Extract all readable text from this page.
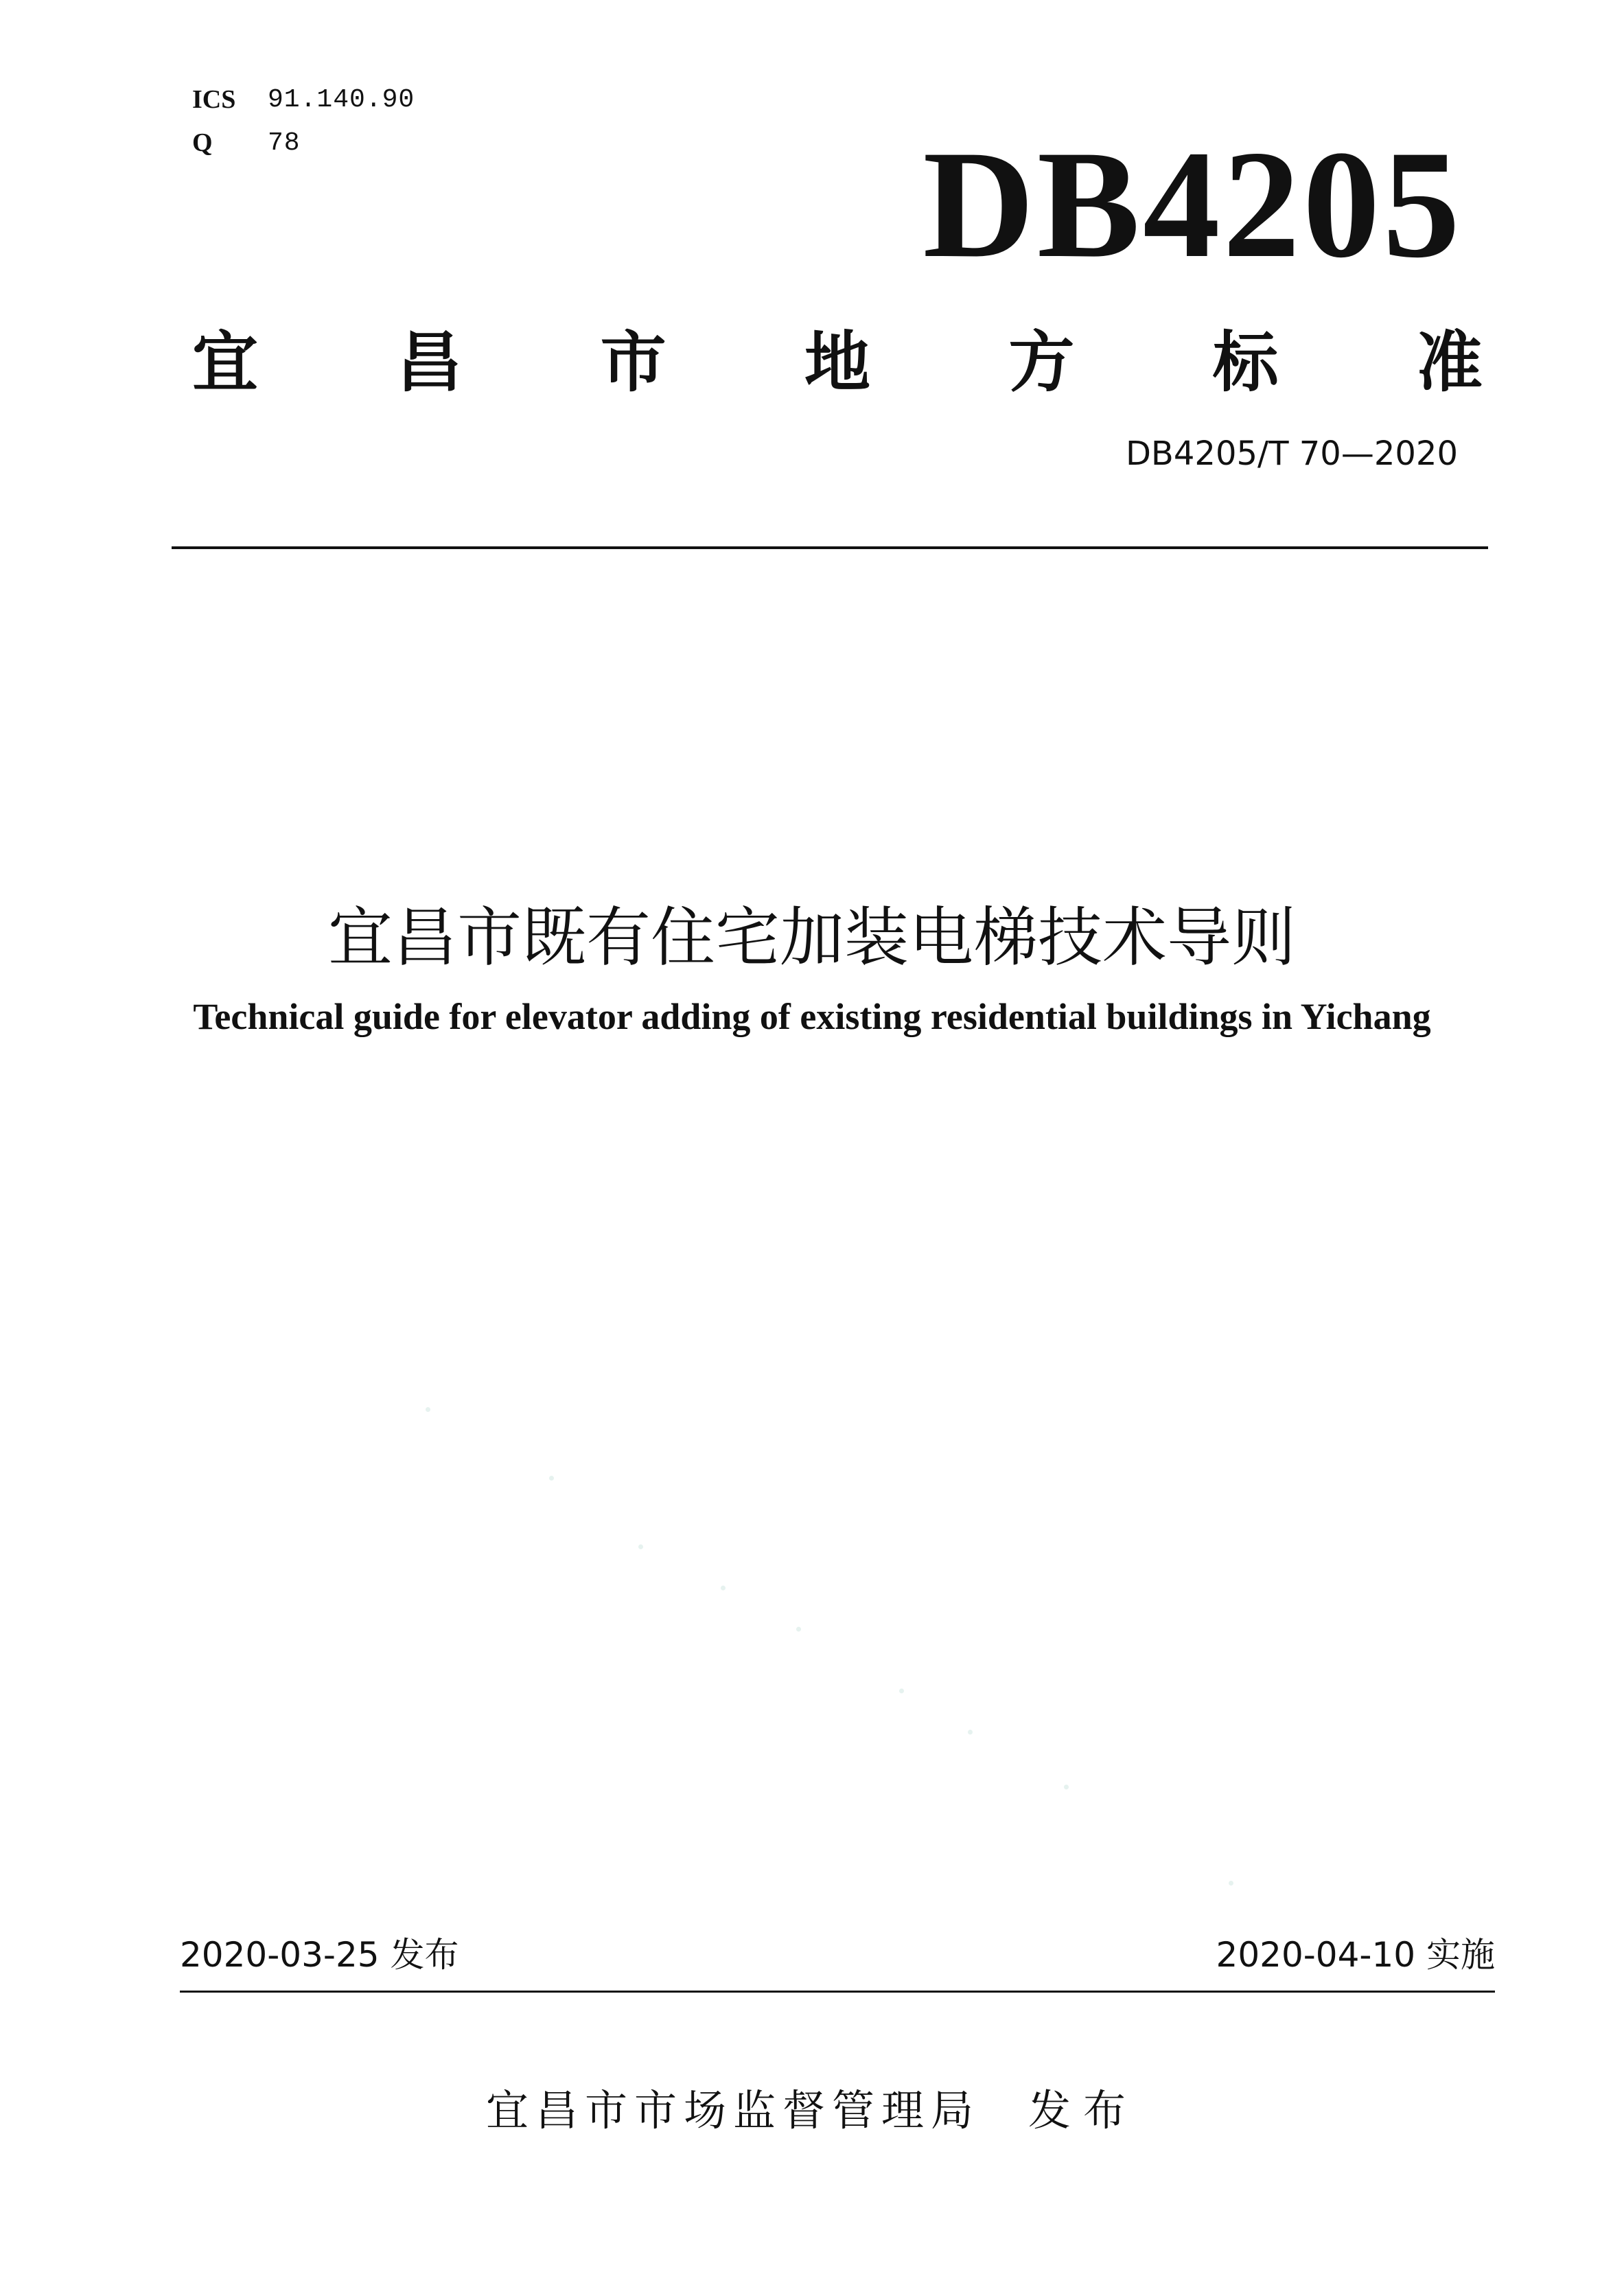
ICS	91.140.90
Q	78	DB4205
宜 昌 市 地 方 标 准
DB4205/T 70—2020
宜昌市既有住宅加装电梯技术导则
Technical guide for elevator adding of existing residential buildings in Yichang
2020-03-25 发布	2020-04-10 实施
宜昌市市场监督管理局 发布
